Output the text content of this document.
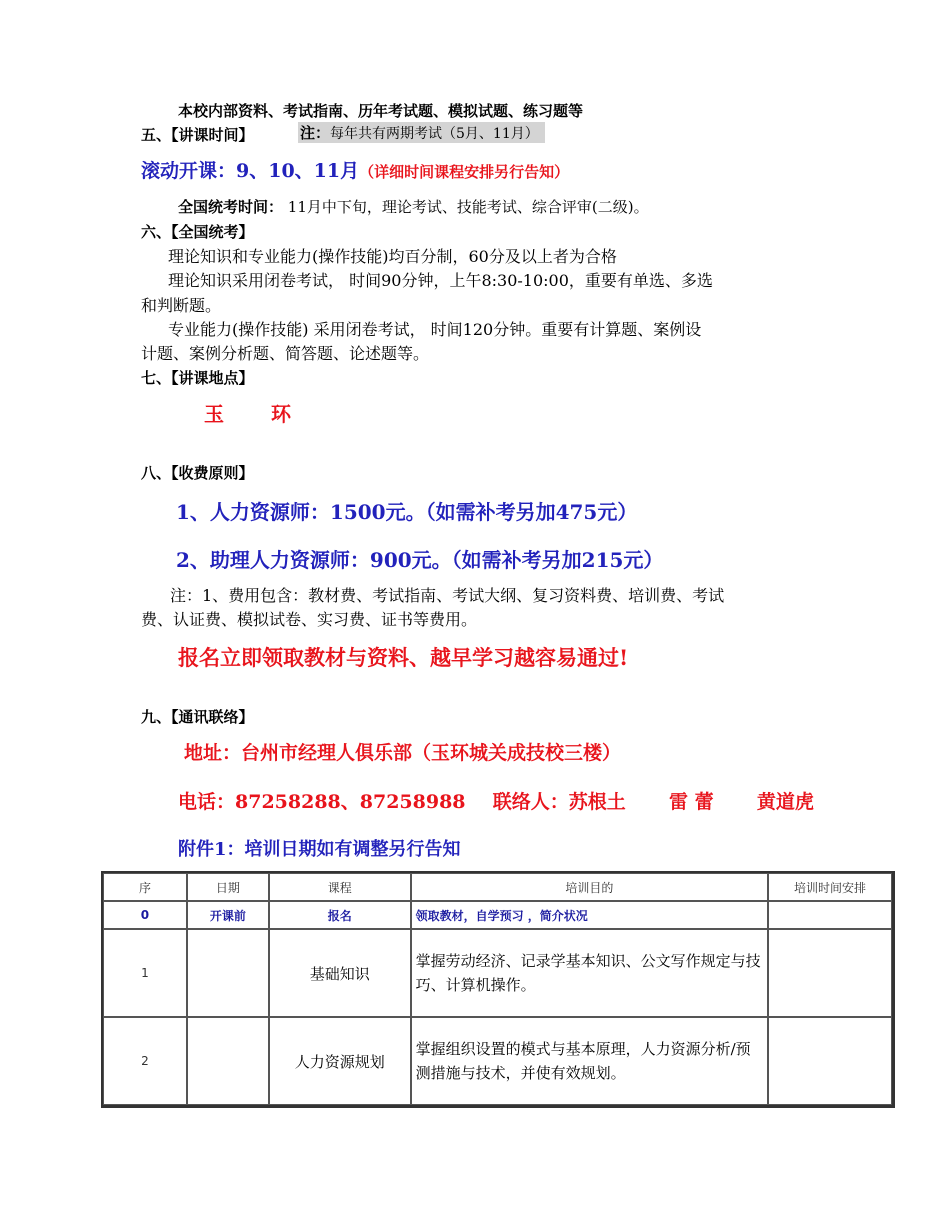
本校内部资料、考试指南、历年考试题、模拟试题、练习题等
五、【讲课时间】	注：每年共有两期考试（5月、11月）
滚动开课：9、10、11月（详细时间课程安排另行告知）
全国统考时间： 11月中下旬，理论考试、技能考试、综合评审(二级)。
六、【全国统考】
理论知识和专业能力(操作技能)均百分制，60分及以上者为合格
理论知识采用闭卷考试， 时间90分钟，上午8:30-10:00，重要有单选、多选
和判断题。
专业能力(操作技能) 采用闭卷考试， 时间120分钟。重要有计算题、案例设
计题、案例分析题、简答题、论述题等。
七、【讲课地点】
玉 环
八、【收费原则】
1、人力资源师：1500元。（如需补考另加475元）
2、助理人力资源师：900元。（如需补考另加215元）
注：1、费用包含：教材费、考试指南、考试大纲、复习资料费、培训费、考试
费、认证费、模拟试卷、实习费、证书等费用。
报名立即领取教材与资料、越早学习越容易通过!
九、【通讯联络】
地址：台州市经理人俱乐部（玉环城关成技校三楼）
电话：87258288、87258988 联络人：苏根土 雷 蕾 黄道虎
附件1：培训日期如有调整另行告知
序	日期	课程	培训目的	培训时间安排
0	开课前	报名	领取教材，自学预习 ，简介状况	
1		基础知识	掌握劳动经济、记录学基本知识、公文写作规定与技巧、计算机操作。	
2		人力资源规划	掌握组织设置的模式与基本原理，人力资源分析/预测措施与技术，并使有效规划。	
